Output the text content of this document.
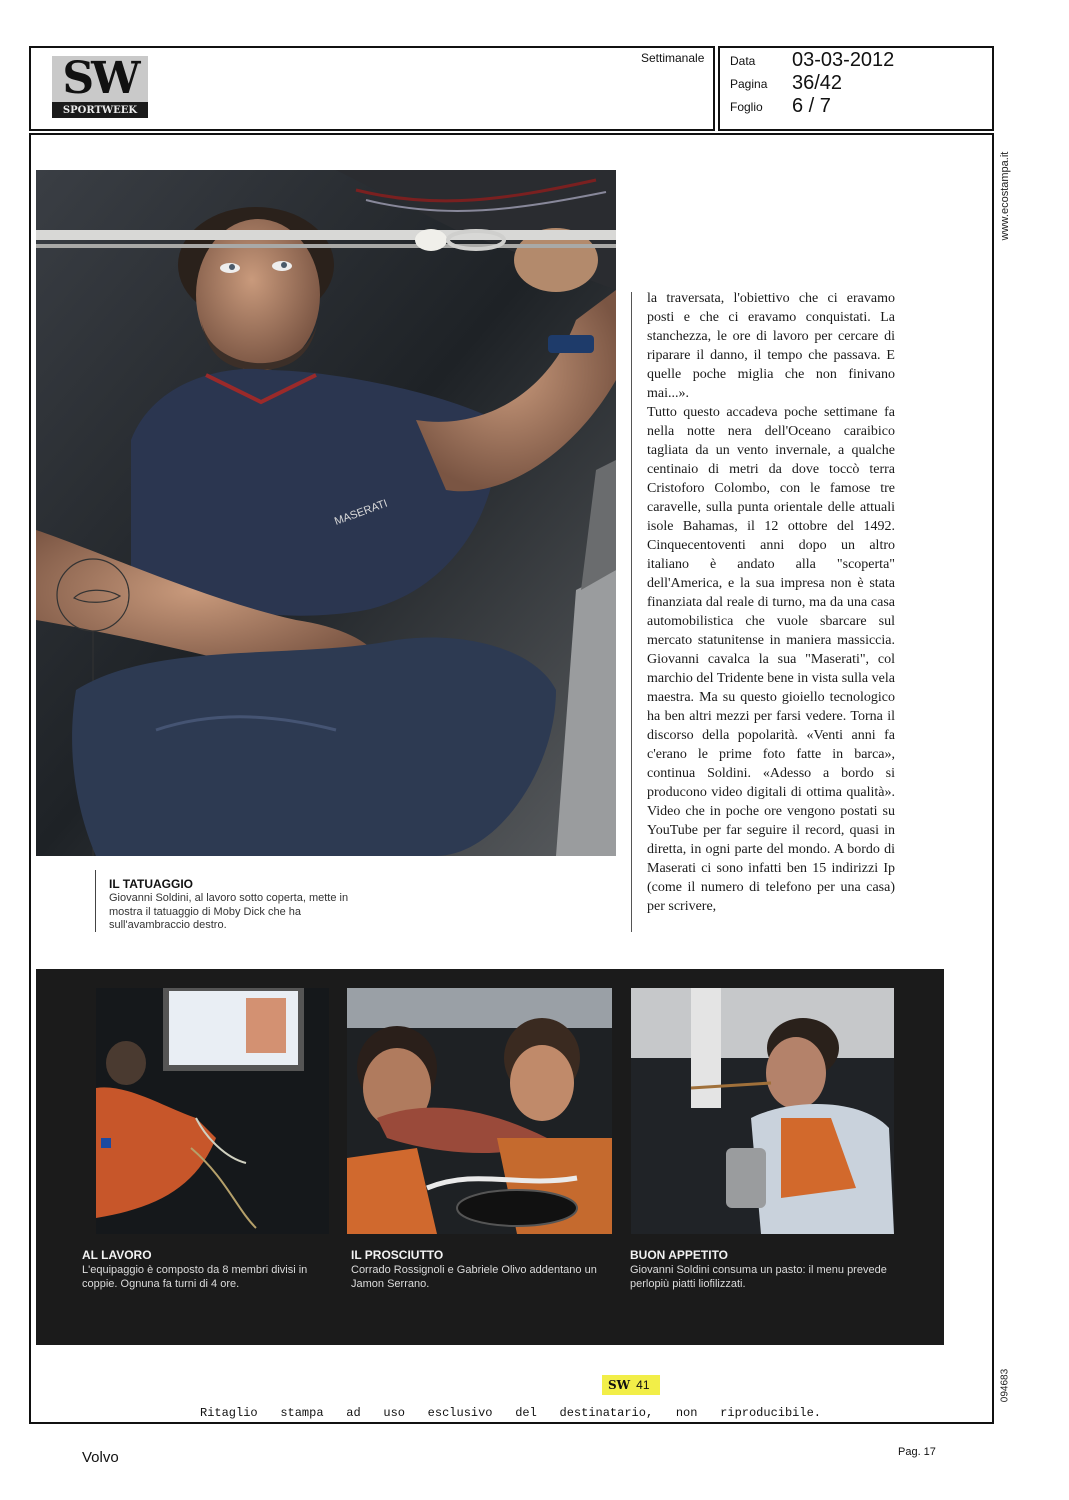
SW
SPORTWEEK
Settimanale Data 03-03-2012
Pagina 36/42
Foglio 6 / 7
www.ecostampa.it
094683
MASERATI
IL TATUAGGIO
Giovanni Soldini, al lavoro sotto coperta, mette in mostra il tatuaggio di Moby Dick che ha sull'avambraccio destro.

la traversata, l'obiettivo che ci eravamo posti e che ci eravamo conquistati. La stanchezza, le ore di lavoro per cercare di riparare il danno, il tempo che passava. E quelle poche miglia che non finivano mai...».

Tutto questo accadeva poche settimane fa nella notte nera dell'Oceano caraibico tagliata da un vento invernale, a qualche centinaio di metri da dove toccò terra Cristoforo Colombo, con le famose tre caravelle, sulla punta orientale delle attuali isole Bahamas, il 12 ottobre del 1492. Cinquecentoventi anni dopo un altro italiano è andato alla "scoperta" dell'America, e la sua impresa non è stata finanziata dal reale di turno, ma da una casa automobilistica che vuole sbarcare sul mercato statunitense in maniera massiccia. Giovanni cavalca la sua "Maserati", col marchio del Tridente bene in vista sulla vela maestra. Ma su questo gioiello tecnologico ha ben altri mezzi per farsi vedere. Torna il discorso della popolarità. «Venti anni fa c'erano le prime foto fatte in barca», continua Soldini. «Adesso a bordo si producono video digitali di ottima qualità». Video che in poche ore vengono postati su YouTube per far seguire il record, quasi in diretta, in ogni parte del mondo. A bordo di Maserati ci sono infatti ben 15 indirizzi Ip (come il numero di telefono per una casa) per scrivere,

AL LAVORO
L'equipaggio è composto da 8 membri divisi in coppie. Ognuna fa turni di 4 ore.
IL PROSCIUTTO
Corrado Rossignoli e Gabriele Olivo addentano un Jamon Serrano.
BUON APPETITO
Giovanni Soldini consuma un pasto: il menu prevede perlopiù piatti liofilizzati.
SW 41
Ritaglio stampa ad uso esclusivo del destinatario, non riproducibile.
Volvo	Pag. 17
